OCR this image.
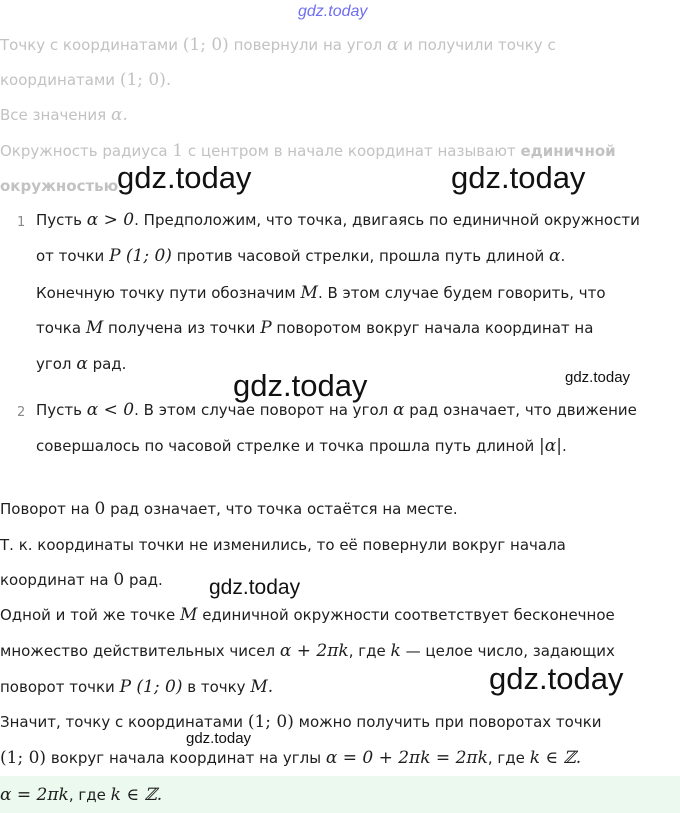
gdz.today
Точку с координатами (1; 0) повернули на угол α и получили точку с
координатами (1; 0).
Все значения α.
Окружность радиуса 1 с центром в начале координат называют единичной
окружностью
1 Пусть α > 0. Предположим, что точка, двигаясь по единичной окружности
от точки P (1; 0) против часовой стрелки, прошла путь длиной α.
Конечную точку пути обозначим M. В этом случае будем говорить, что
точка M получена из точки P поворотом вокруг начала координат на
угол α рад.
2 Пусть α < 0. В этом случае поворот на угол α рад означает, что движение
совершалось по часовой стрелке и точка прошла путь длиной |α|.
Поворот на 0 рад означает, что точка остаётся на месте.
Т. к. координаты точки не изменились, то её повернули вокруг начала
координат на 0 рад.
Одной и той же точке M единичной окружности соответствует бесконечное
множество действительных чисел α + 2πk, где k — целое число, задающих
поворот точки P (1; 0) в точку M.
Значит, точку с координатами (1; 0) можно получить при поворотах точки
(1; 0) вокруг начала координат на углы α = 0 + 2πk = 2πk, где k ∈ ℤ.
α = 2πk, где k ∈ ℤ.
gdz.today	gdz.today
gdz.today	gdz.today
gdz.today
gdz.today
gdz.today
